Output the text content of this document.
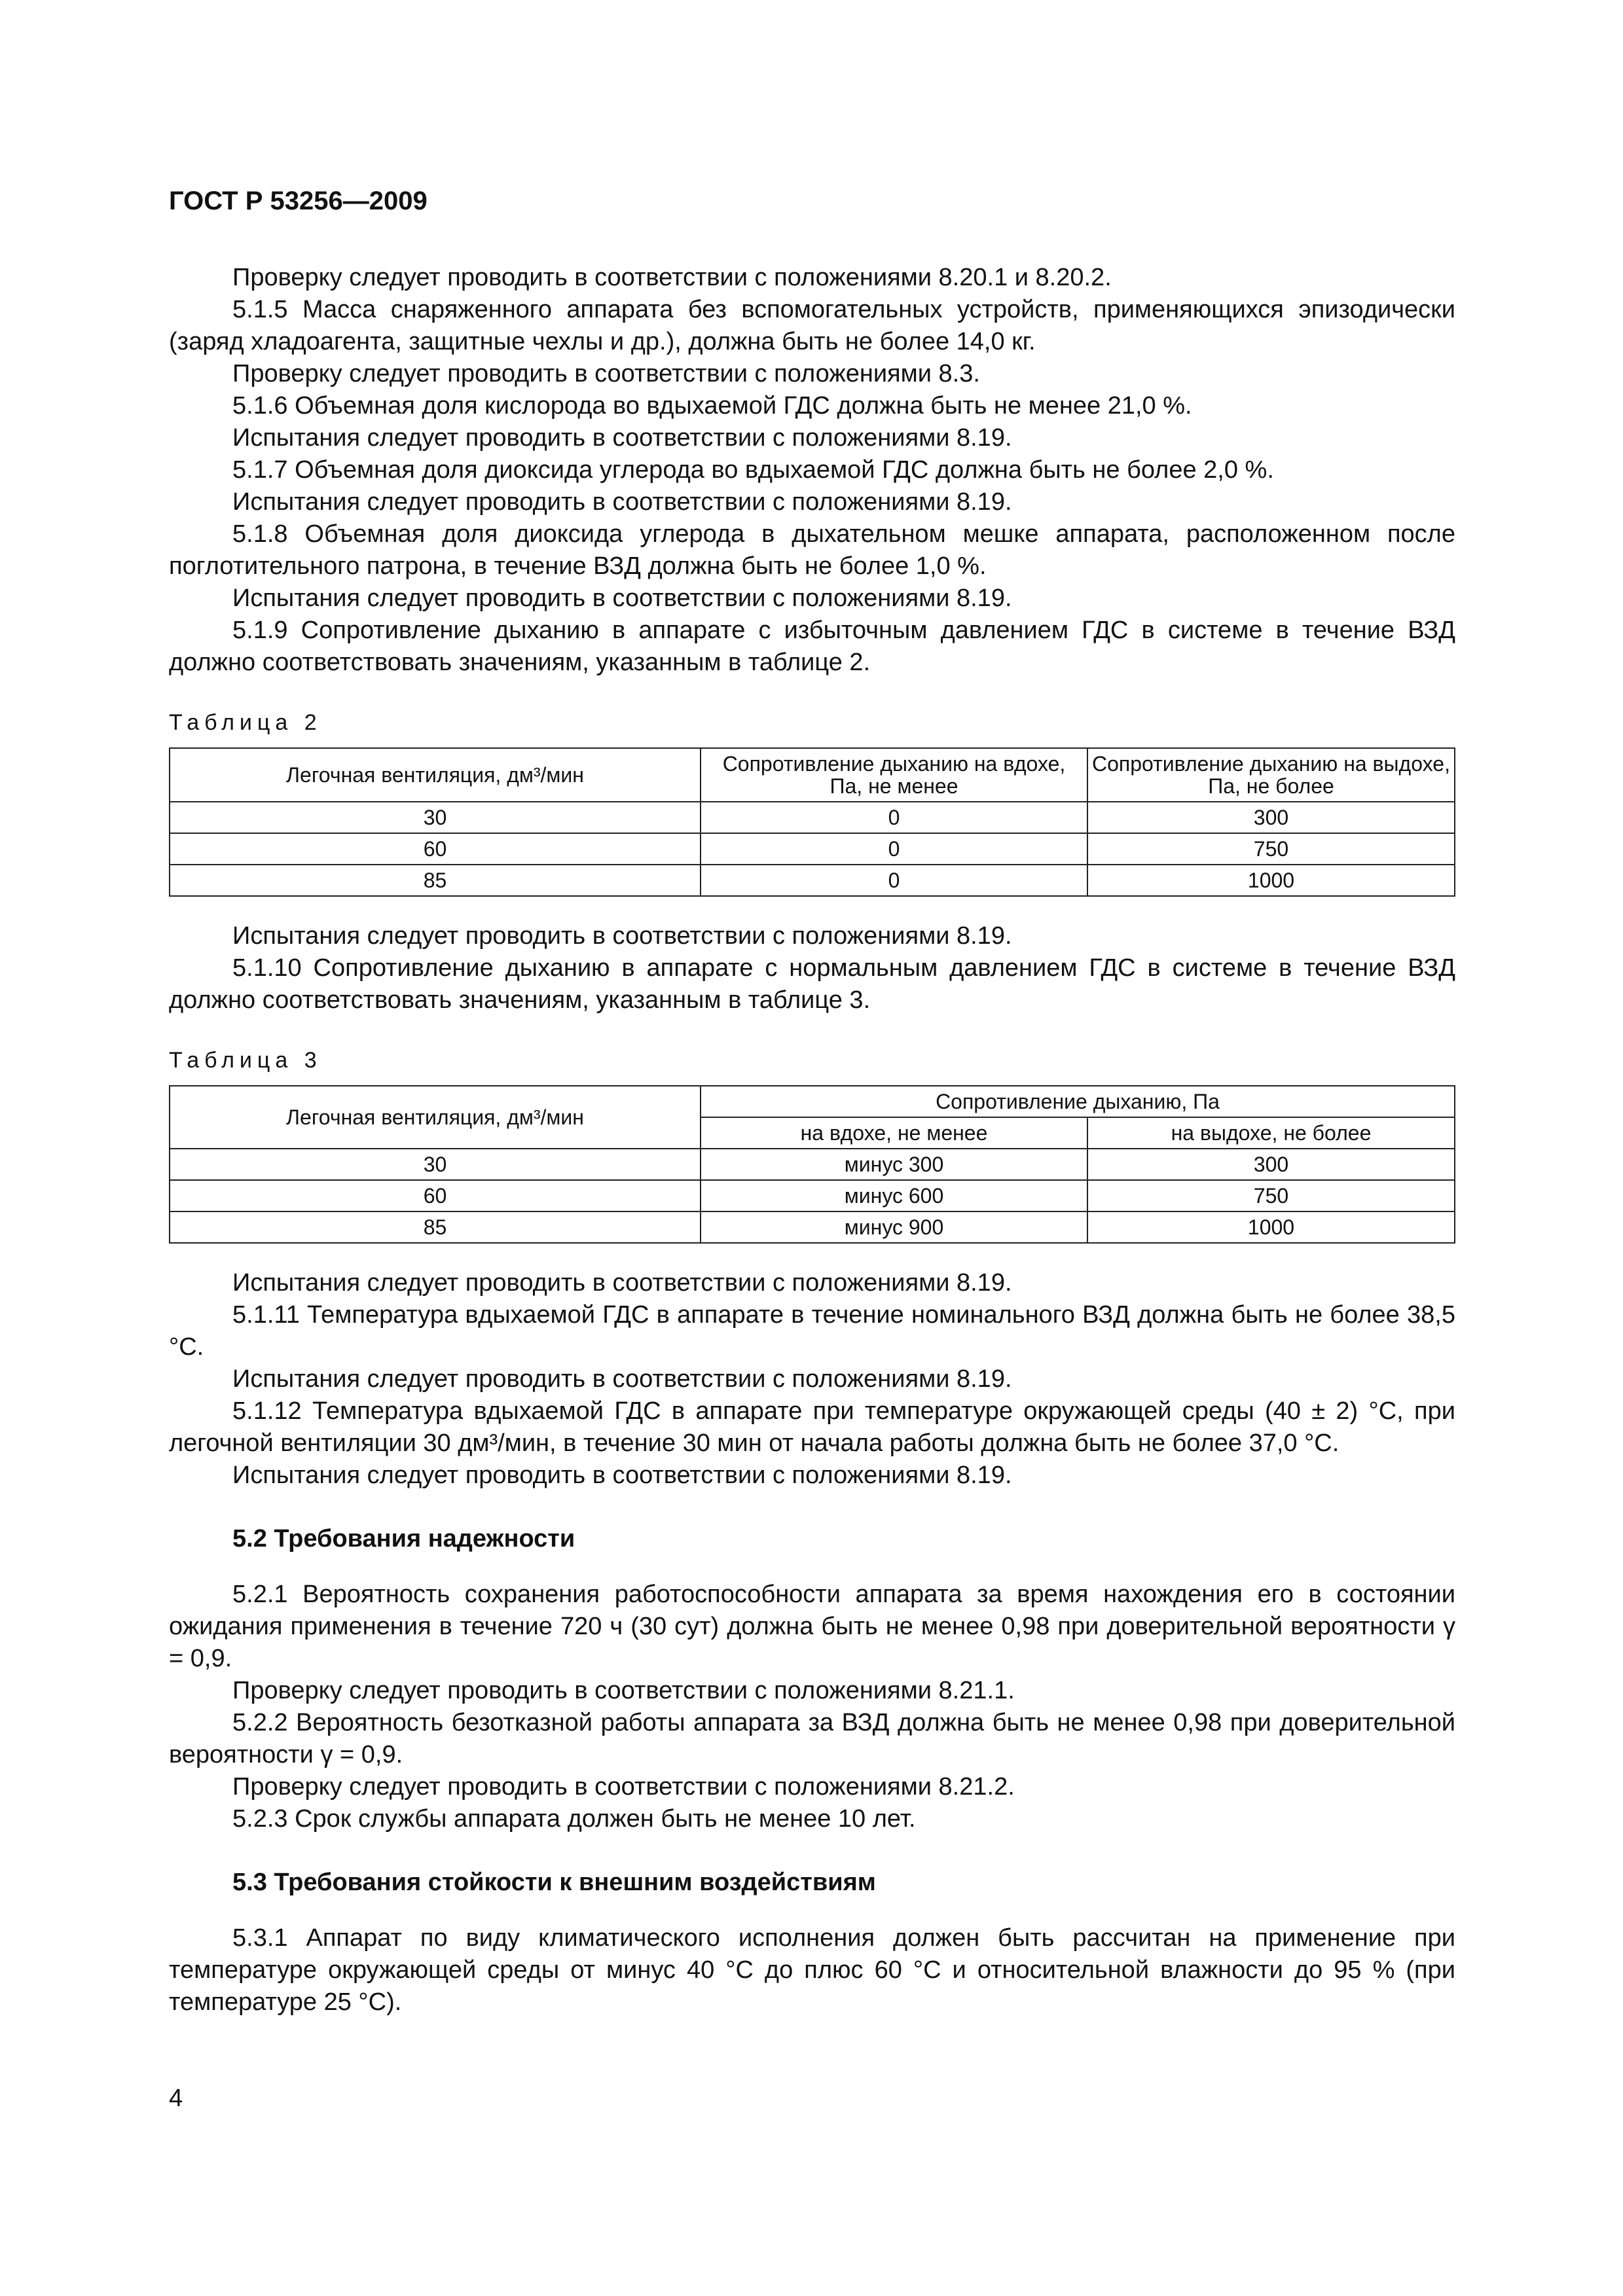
ГОСТ Р 53256—2009

Проверку следует проводить в соответствии с положениями 8.20.1 и 8.20.2.

5.1.5 Масса снаряженного аппарата без вспомогательных устройств, применяющихся эпизодически (заряд хладоагента, защитные чехлы и др.), должна быть не более 14,0 кг.

Проверку следует проводить в соответствии с положениями 8.3.

5.1.6 Объемная доля кислорода во вдыхаемой ГДС должна быть не менее 21,0 %.

Испытания следует проводить в соответствии с положениями 8.19.

5.1.7 Объемная доля диоксида углерода во вдыхаемой ГДС должна быть не более 2,0 %.

Испытания следует проводить в соответствии с положениями 8.19.

5.1.8 Объемная доля диоксида углерода в дыхательном мешке аппарата, расположенном после поглотительного патрона, в течение ВЗД должна быть не более 1,0 %.

Испытания следует проводить в соответствии с положениями 8.19.

5.1.9 Сопротивление дыханию в аппарате с избыточным давлением ГДС в системе в течение ВЗД должно соответствовать значениям, указанным в таблице 2.

Таблица 2
Легочная вентиляция, дм³/мин	Сопротивление дыханию на вдохе, Па, не менее	Сопротивление дыханию на выдохе, Па, не более
30	0	300
60	0	750
85	0	1000

Испытания следует проводить в соответствии с положениями 8.19.

5.1.10 Сопротивление дыханию в аппарате с нормальным давлением ГДС в системе в течение ВЗД должно соответствовать значениям, указанным в таблице 3.

Таблица 3
Легочная вентиляция, дм³/мин	Сопротивление дыханию, Па	
	на вдохе, не менее	на выдохе, не более
30	минус 300	300
60	минус 600	750
85	минус 900	1000

Испытания следует проводить в соответствии с положениями 8.19.

5.1.11 Температура вдыхаемой ГДС в аппарате в течение номинального ВЗД должна быть не более 38,5 °С.

Испытания следует проводить в соответствии с положениями 8.19.

5.1.12 Температура вдыхаемой ГДС в аппарате при температуре окружающей среды (40 ± 2) °С, при легочной вентиляции 30 дм³/мин, в течение 30 мин от начала работы должна быть не более 37,0 °С.

Испытания следует проводить в соответствии с положениями 8.19.

5.2 Требования надежности

5.2.1 Вероятность сохранения работоспособности аппарата за время нахождения его в состоянии ожидания применения в течение 720 ч (30 сут) должна быть не менее 0,98 при доверительной вероятности γ = 0,9.

Проверку следует проводить в соответствии с положениями 8.21.1.

5.2.2 Вероятность безотказной работы аппарата за ВЗД должна быть не менее 0,98 при доверительной вероятности γ = 0,9.

Проверку следует проводить в соответствии с положениями 8.21.2.

5.2.3 Срок службы аппарата должен быть не менее 10 лет.

5.3 Требования стойкости к внешним воздействиям

5.3.1 Аппарат по виду климатического исполнения должен быть рассчитан на применение при температуре окружающей среды от минус 40 °С до плюс 60 °С и относительной влажности до 95 % (при температуре 25 °С).

4
